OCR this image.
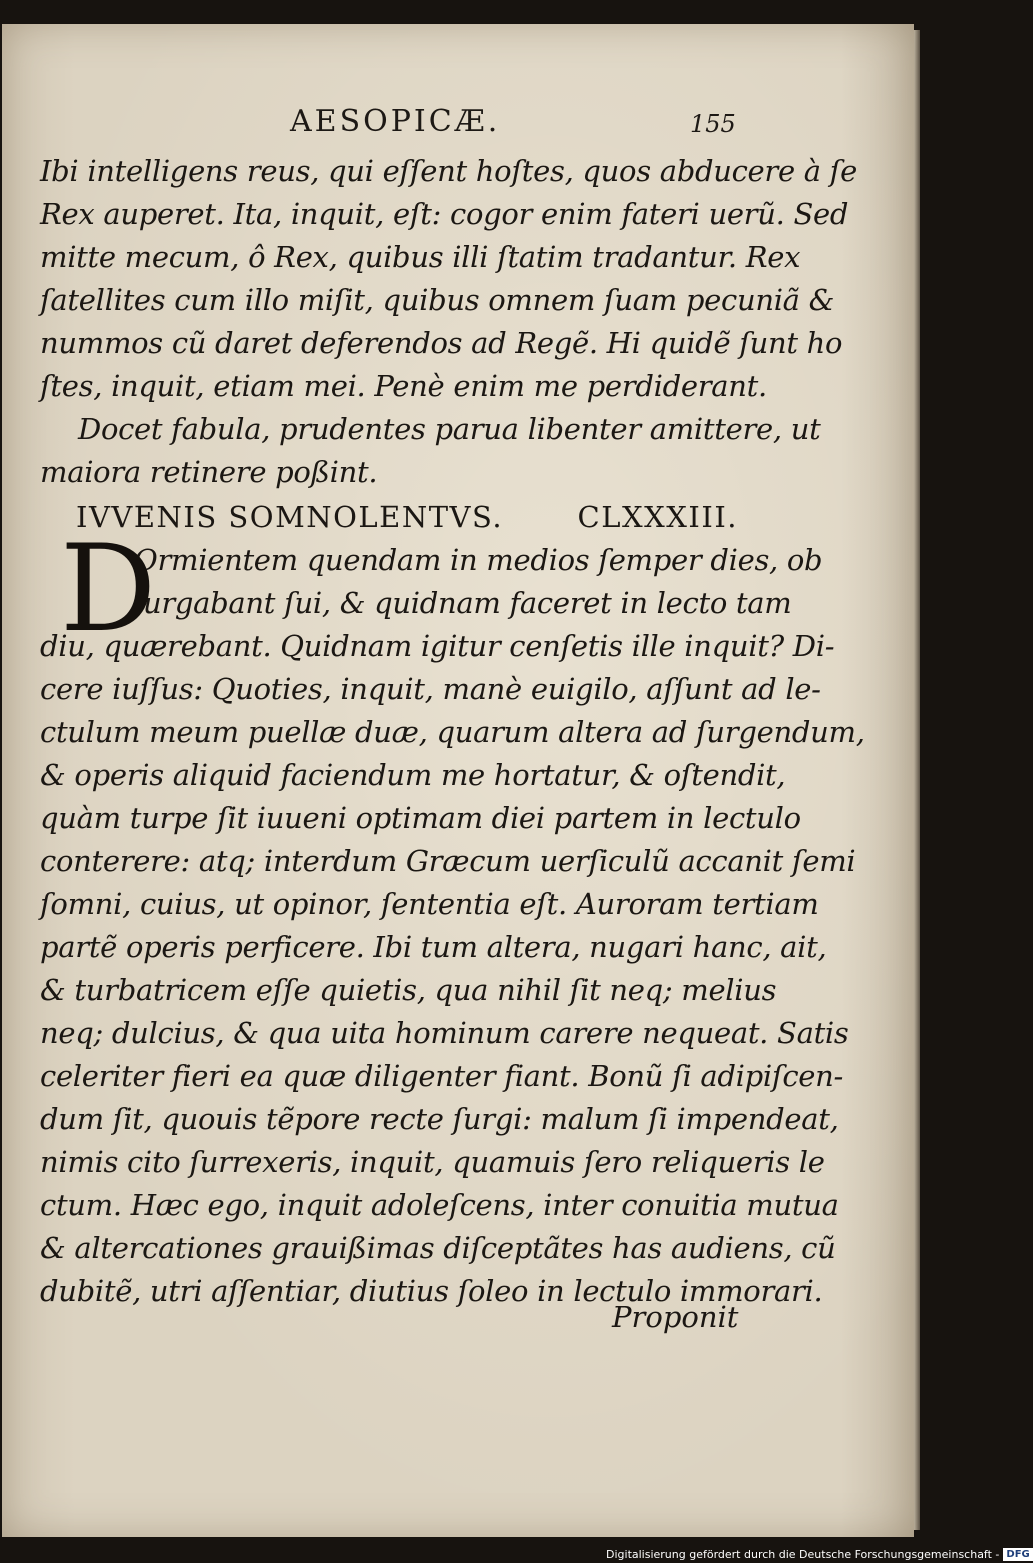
AESOPICÆ.	155
Ibi intelligens reus, qui eſſent hoſtes, quos abducere à ſe
Rex auperet. Ita, inquit, eſt: cogor enim fateri uerũ. Sed
mitte mecum, ô Rex, quibus illi ſtatim tradantur. Rex
ſatellites cum illo miſit, quibus omnem ſuam pecuniã &
nummos cũ daret deferendos ad Regẽ. Hi quidẽ ſunt ho
ſtes, inquit, etiam mei. Penè enim me perdiderant.
Docet fabula, prudentes parua libenter amittere, ut
maiora retinere poßint.
IVVENIS SOMNOLENTVS.	CLXXXIII.
D
Ormientem quendam in medios ſemper dies, ob
iurgabant ſui, & quidnam faceret in lecto tam
diu, quærebant. Quidnam igitur cenſetis ille inquit? Di-
cere iuſſus: Quoties, inquit, manè euigilo, aſſunt ad le-
ctulum meum puellæ duæ, quarum altera ad ſurgendum,
& operis aliquid faciendum me hortatur, & oſtendit,
quàm turpe ſit iuueni optimam diei partem in lectulo
conterere: atq; interdum Græcum uerſiculũ accanit ſemi
ſomni, cuius, ut opinor, ſententia eſt. Auroram tertiam
partẽ operis perficere. Ibi tum altera, nugari hanc, ait,
& turbatricem eſſe quietis, qua nihil ſit neq; melius
neq; dulcius, & qua uita hominum carere nequeat. Satis
celeriter fieri ea quæ diligenter fiant. Bonũ ſi adipiſcen-
dum ſit, quouis tẽpore recte ſurgi: malum ſi impendeat,
nimis cito ſurrexeris, inquit, quamuis ſero reliqueris le
ctum. Hæc ego, inquit adoleſcens, inter conuitia mutua
& altercationes grauißimas diſceptãtes has audiens, cũ
dubitẽ, utri aſſentiar, diutius ſoleo in lectulo immorari.
Proponit
Digitalisierung gefördert durch die Deutsche Forschungsgemeinschaft - DFG
